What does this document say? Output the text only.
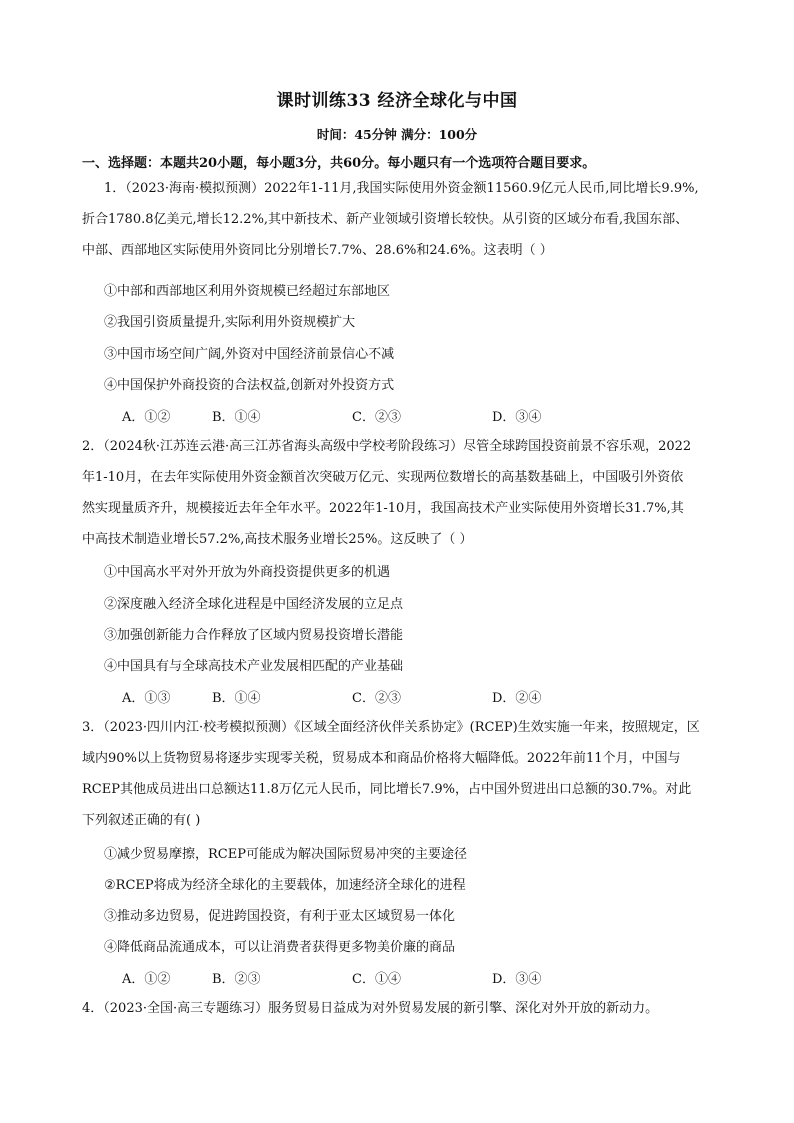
课时训练33 经济全球化与中国
时间：45分钟 满分：100分
一、选择题：本题共20小题，每小题3分，共60分。每小题只有一个选项符合题目要求。
1．（2023·海南·模拟预测）2022年1-11月,我国实际使用外资金额11560.9亿元人民币,同比增长9.9%,
折合1780.8亿美元,增长12.2%,其中新技术、新产业领域引资增长较快。从引资的区域分布看,我国东部、
中部、西部地区实际使用外资同比分别增长7.7%、28.6%和24.6%。这表明（ ）
①中部和西部地区利用外资规模已经超过东部地区
②我国引资质量提升,实际利用外资规模扩大
③中国市场空间广阔,外资对中国经济前景信心不减
④中国保护外商投资的合法权益,创新对外投资方式
A．①②	B．①④	C．②③	D．③④
2．（2024秋·江苏连云港·高三江苏省海头高级中学校考阶段练习）尽管全球跨国投资前景不容乐观，2022
年1-10月，在去年实际使用外资金额首次突破万亿元、实现两位数增长的高基数基础上，中国吸引外资依
然实现量质齐升，规模接近去年全年水平。2022年1-10月，我国高技术产业实际使用外资增长31.7%,其
中高技术制造业增长57.2%,高技术服务业增长25%。这反映了（ ）
①中国高水平对外开放为外商投资提供更多的机遇
②深度融入经济全球化进程是中国经济发展的立足点
③加强创新能力合作释放了区域内贸易投资增长潜能
④中国具有与全球高技术产业发展相匹配的产业基础
A．①③	B．①④	C．②③	D．②④
3．（2023·四川内江·校考模拟预测）《区域全面经济伙伴关系协定》(RCEP)生效实施一年来，按照规定，区
域内90%以上货物贸易将逐步实现零关税，贸易成本和商品价格将大幅降低。2022年前11个月，中国与
RCEP其他成员进出口总额达11.8万亿元人民币，同比增长7.9%，占中国外贸进出口总额的30.7%。对此
下列叙述正确的有( )
①减少贸易摩擦，RCEP可能成为解决国际贸易冲突的主要途径
②RCEP将成为经济全球化的主要载体，加速经济全球化的进程
③推动多边贸易，促进跨国投资，有利于亚太区域贸易一体化
④降低商品流通成本，可以让消费者获得更多物美价廉的商品
A．①②	B．②③	C．①④	D．③④
4．（2023·全国·高三专题练习）服务贸易日益成为对外贸易发展的新引擎、深化对外开放的新动力。
